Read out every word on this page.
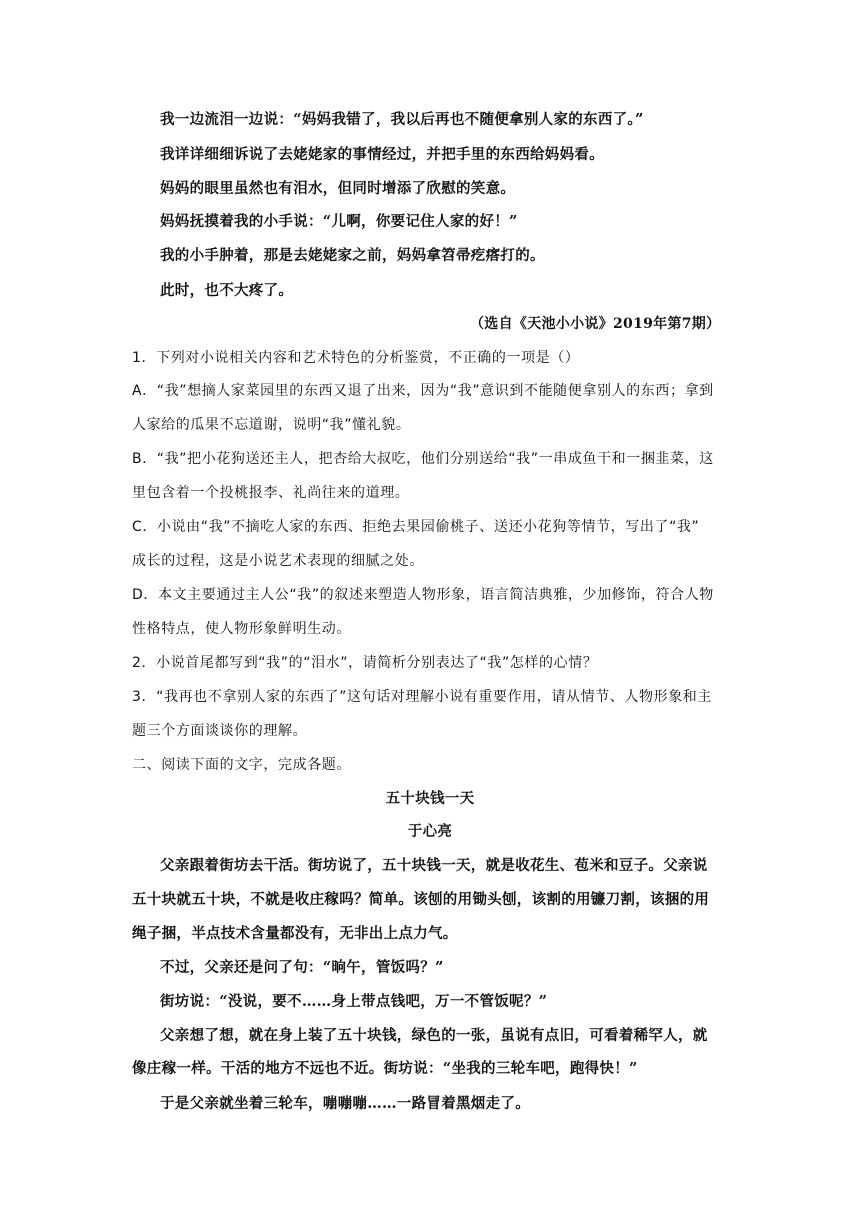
我一边流泪一边说：“妈妈我错了，我以后再也不随便拿别人家的东西了。”
我详详细细诉说了去姥姥家的事情经过，并把手里的东西给妈妈看。
妈妈的眼里虽然也有泪水，但同时增添了欣慰的笑意。
妈妈抚摸着我的小手说：“儿啊，你要记住人家的好！”
我的小手肿着，那是去姥姥家之前，妈妈拿笤帚疙瘩打的。
此时，也不大疼了。
（选自《天池小小说》2019年第7期）
1．下列对小说相关内容和艺术特色的分析鉴赏，不正确的一项是（）
A．“我”想摘人家菜园里的东西又退了出来，因为“我”意识到不能随便拿别人的东西；拿到
人家给的瓜果不忘道谢，说明“我”懂礼貌。
B．“我”把小花狗送还主人，把杏给大叔吃，他们分别送给“我”一串成鱼干和一捆韭菜，这
里包含着一个投桃报李、礼尚往来的道理。
C．小说由“我”不摘吃人家的东西、拒绝去果园偷桃子、送还小花狗等情节，写出了“我”
成长的过程，这是小说艺术表现的细腻之处。
D．本文主要通过主人公“我”的叙述来塑造人物形象，语言简洁典雅，少加修饰，符合人物
性格特点，使人物形象鲜明生动。
2．小说首尾都写到“我”的“泪水”，请简析分别表达了“我”怎样的心情？
3．“我再也不拿别人家的东西了”这句话对理解小说有重要作用，请从情节、人物形象和主
题三个方面谈谈你的理解。
二、阅读下面的文字，完成各题。
五十块钱一天
于心亮
父亲跟着街坊去干活。街坊说了，五十块钱一天，就是收花生、苞米和豆子。父亲说
五十块就五十块，不就是收庄稼吗？简单。该刨的用锄头刨，该割的用镰刀割，该捆的用
绳子捆，半点技术含量都没有，无非出上点力气。
不过，父亲还是问了句：“晌午，管饭吗？”
街坊说：“没说，要不……身上带点钱吧，万一不管饭呢？”
父亲想了想，就在身上装了五十块钱，绿色的一张，虽说有点旧，可看着稀罕人，就
像庄稼一样。干活的地方不远也不近。街坊说：“坐我的三轮车吧，跑得快！”
于是父亲就坐着三轮车，嘣嘣嘣……一路冒着黑烟走了。
